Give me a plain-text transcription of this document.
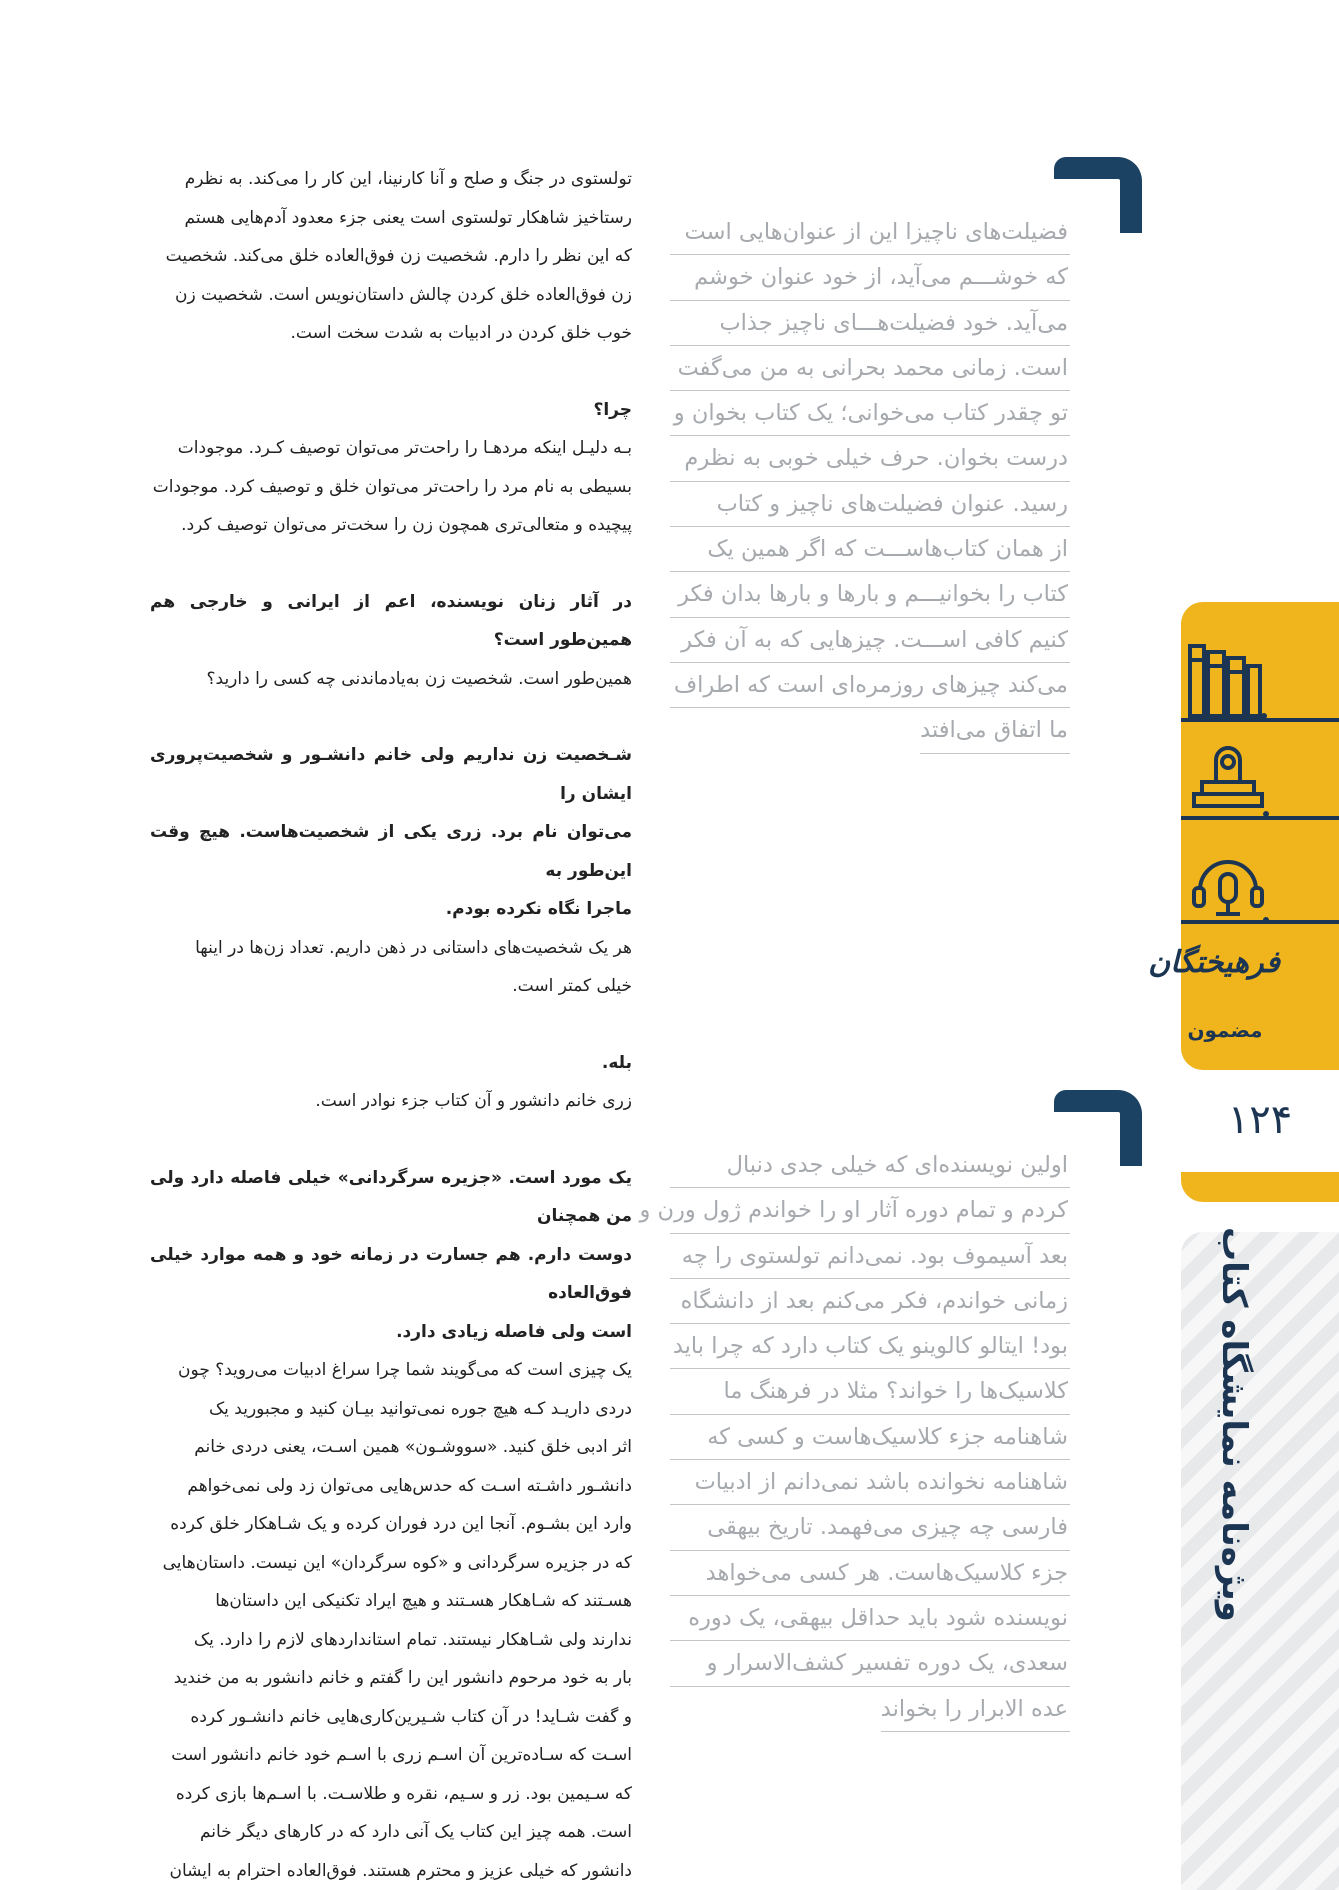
تولستوی در جنگ و صلح و آنا کارنینا، این کار را می‌کند. به نظرم

رستاخیز شاهکار تولستوی است یعنی جزء معدود آدم‌هایی هستم

که این نظر را دارم. شخصیت زن فوق‌العاده خلق می‌کند. شخصیت

زن فوق‌العاده خلق کردن چالش داستان‌نویس است. شخصیت زن

خوب خلق کردن در ادبیات به شدت سخت است.

چرا؟

بـه دلیـل اینکه مردهـا را راحت‌تر می‌توان توصیف کـرد. موجودات

بسیطی به نام مرد را راحت‌تر می‌توان خلق و توصیف کرد. موجودات

پیچیده و متعالی‌تری همچون زن را سخت‌تر می‌توان توصیف کرد.

در آثار زنان نویسنده، اعم از ایرانی و خارجی هم همین‌طور است؟

همین‌طور است. شخصیت زن به‌یادماندنی چه کسی را دارید؟

شـخصیت زن نداریم ولی خانم دانشـور و شخصیت‌پروری ایشان را

می‌توان نام برد. زری یکی از شخصیت‌هاست. هیچ وقت این‌طور به

ماجرا نگاه نکرده بودم.

هر یک شخصیت‌های داستانی در ذهن داریم. تعداد زن‌ها در اینها

خیلی کمتر است.

بله.

زری خانم دانشور و آن کتاب جزء نوادر است.

یک مورد است. «جزیره سرگردانی» خیلی فاصله دارد ولی من همچنان

دوست دارم. هم جسارت در زمانه خود و همه موارد خیلی فوق‌العاده

است ولی فاصله زیادی دارد.

یک چیزی است که می‌گویند شما چرا سراغ ادبیات می‌روید؟ چون

دردی داریـد کـه هیچ جوره نمی‌توانید بیـان کنید و مجبورید یک

اثر ادبی خلق کنید. «سووشـون» همین اسـت، یعنی دردی خانم

دانشـور داشـته اسـت که حدس‌هایی می‌توان زد ولی نمی‌خواهم

وارد این بشـوم. آنجا این درد فوران کرده و یک شـاهکار خلق کرده

که در جزیره سرگردانی و «کوه سرگردان» این نیست. داستان‌هایی

هسـتند که شـاهکار هسـتند و هیچ ایراد تکنیکی این داستان‌ها

ندارند ولی شـاهکار نیستند. تمام استانداردهای لازم را دارد. یک

بار به خود مرحوم دانشور این را گفتم و خانم دانشور به من خندید

و گفت شـاید! در آن کتاب شـیرین‌کاری‌هایی خانم دانشـور کرده

اسـت که سـاده‌ترین آن اسـم زری با اسـم خود خانم دانشور است

که سـیمین بود. زر و سـیم، نقره و طلاسـت. با اسـم‌ها بازی کرده

است. همه چیز این کتاب یک آنی دارد که در کارهای دیگر خانم

دانشور که خیلی عزیز و محترم هستند. فوق‌العاده احترام به ایشان

فضیلت‌های ناچیزا این از عنوان‌هایی است
که خوشـــم می‌آید، از خود عنوان خوشم
می‌آید. خود فضیلت‌هـــای ناچیز جذاب
است. زمانی محمد بحرانی به من می‌گفت
تو چقدر کتاب می‌خوانی؛ یک کتاب بخوان و
درست بخوان. حرف خیلی خوبی به نظرم
رسید. عنوان فضیلت‌های ناچیز و کتاب
از همان کتاب‌هاســـت که اگر همین یک
کتاب را بخوانیـــم و بارها و بارها بدان فکر
کنیم کافی اســـت. چیزهایی که به آن فکر
می‌کند چیزهای روزمره‌ای است که اطراف
ما اتفاق می‌افتد
اولین نویسنده‌ای که خیلی جدی دنبال
کردم و تمام دوره آثار او را خواندم ژول ورن و
بعد آسیموف بود. نمی‌دانم تولستوی را چه
زمانی خواندم، فکر می‌کنم بعد از دانشگاه
بود! ایتالو کالوینو یک کتاب دارد که چرا باید
کلاسیک‌ها را خواند؟ مثلا در فرهنگ ما
شاهنامه جزء کلاسیک‌هاست و کسی که
شاهنامه نخوانده باشد نمی‌دانم از ادبیات
فارسی چه چیزی می‌فهمد. تاریخ بیهقی
جزء کلاسیک‌هاست. هر کسی می‌خواهد
نویسنده شود باید حداقل بیهقی، یک دوره
سعدی، یک دوره تفسیر کشف‌الاسرار و
عده الابرار را بخواند
فرهیختگان
مضمون
۱۲۴
ویژه‌نامه نمایشگاه کتاب
